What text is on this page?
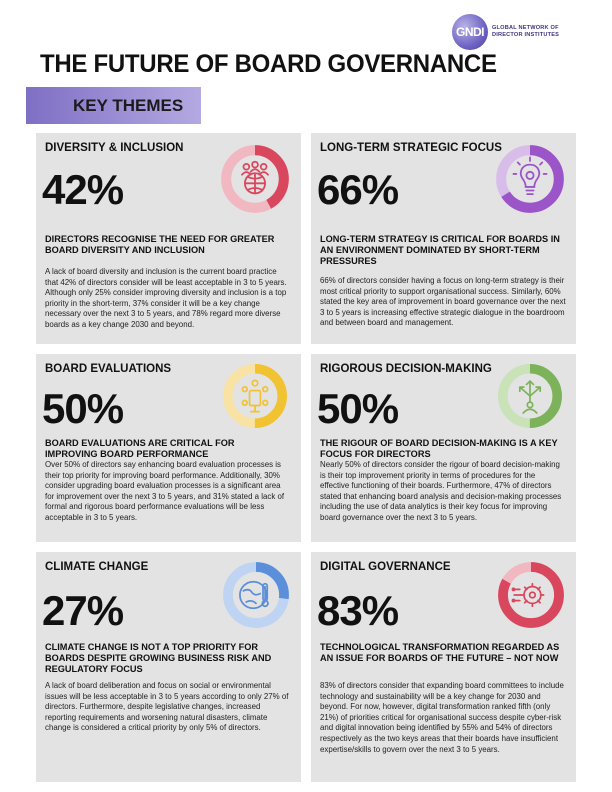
GNDI GLOBAL NETWORK OF
DIRECTOR INSTITUTES
THE FUTURE OF BOARD GOVERNANCE
KEY THEMES
DIVERSITY & INCLUSION
42%
DIRECTORS RECOGNISE THE NEED FOR GREATER BOARD DIVERSITY AND INCLUSION
A lack of board diversity and inclusion is the current board practice that 42% of directors consider will be least acceptable in 3 to 5 years. Although only 25% consider improving diversity and inclusion is a top priority in the short-term, 37% consider it will be a key change necessary over the next 3 to 5 years, and 78% regard more diverse boards as a key change 2030 and beyond.
LONG-TERM STRATEGIC FOCUS
66%
LONG-TERM STRATEGY IS CRITICAL FOR BOARDS IN AN ENVIRONMENT DOMINATED BY SHORT-TERM PRESSURES
66% of directors consider having a focus on long-term strategy is their most critical priority to support organisational success. Similarly, 60% stated the key area of improvement in board governance over the next 3 to 5 years is increasing effective strategic dialogue in the boardroom and between board and management.
BOARD EVALUATIONS
50%
BOARD EVALUATIONS ARE CRITICAL FOR IMPROVING BOARD PERFORMANCE
Over 50% of directors say enhancing board evaluation processes is their top priority for improving board performance. Additionally, 30% consider upgrading board evaluation processes is a significant area for improvement over the next 3 to 5 years, and 31% stated a lack of formal and rigorous board performance evaluations will be less acceptable in 3 to 5 years.
RIGOROUS DECISION-MAKING
50%
THE RIGOUR OF BOARD DECISION-MAKING IS A KEY FOCUS FOR DIRECTORS
Nearly 50% of directors consider the rigour of board decision-making is their top improvement priority in terms of procedures for the effective functioning of their boards. Furthermore, 47% of directors stated that enhancing board analysis and decision-making processes including the use of data analytics is their key focus for improving board governance over the next 3 to 5 years.
CLIMATE CHANGE
27%
CLIMATE CHANGE IS NOT A TOP PRIORITY FOR BOARDS DESPITE GROWING BUSINESS RISK AND REGULATORY FOCUS
A lack of board deliberation and focus on social or environmental issues will be less acceptable in 3 to 5 years according to only 27% of directors. Furthermore, despite legislative changes, increased reporting requirements and worsening natural disasters, climate change is considered a critical priority by only 5% of directors.
DIGITAL GOVERNANCE
83%
TECHNOLOGICAL TRANSFORMATION REGARDED AS AN ISSUE FOR BOARDS OF THE FUTURE – NOT NOW
83% of directors consider that expanding board committees to include technology and sustainability will be a key change for 2030 and beyond. For now, however, digital transformation ranked fifth (only 21%) of priorities critical for organisational success despite cyber-risk and digital innovation being identified by 55% and 54% of directors respectively as the two keys areas that their boards have insufficient expertise/skills to govern over the next 3 to 5 years.
